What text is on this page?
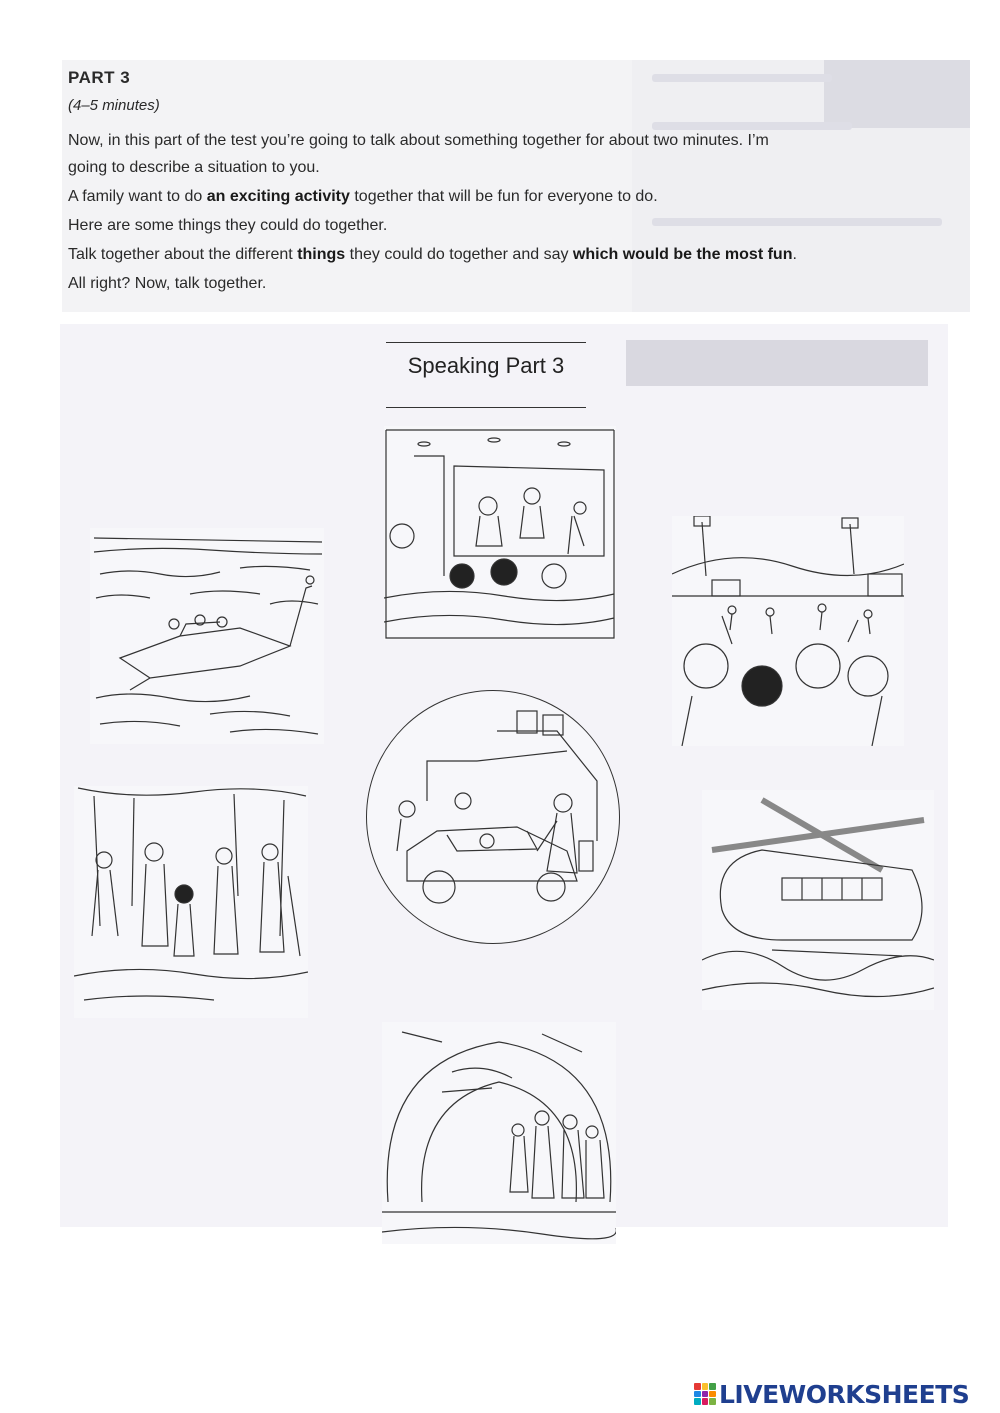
PART 3

(4–5 minutes)

Now, in this part of the test you’re going to talk about something together for about two minutes. I’m

going to describe a situation to you.

A family want to do an exciting activity together that will be fun for everyone to do.

Here are some things they could do together.

Talk together about the different things they could do together and say which would be the most fun.

All right? Now, talk together.

Speaking Part 3

LIVEWORKSHEETS
